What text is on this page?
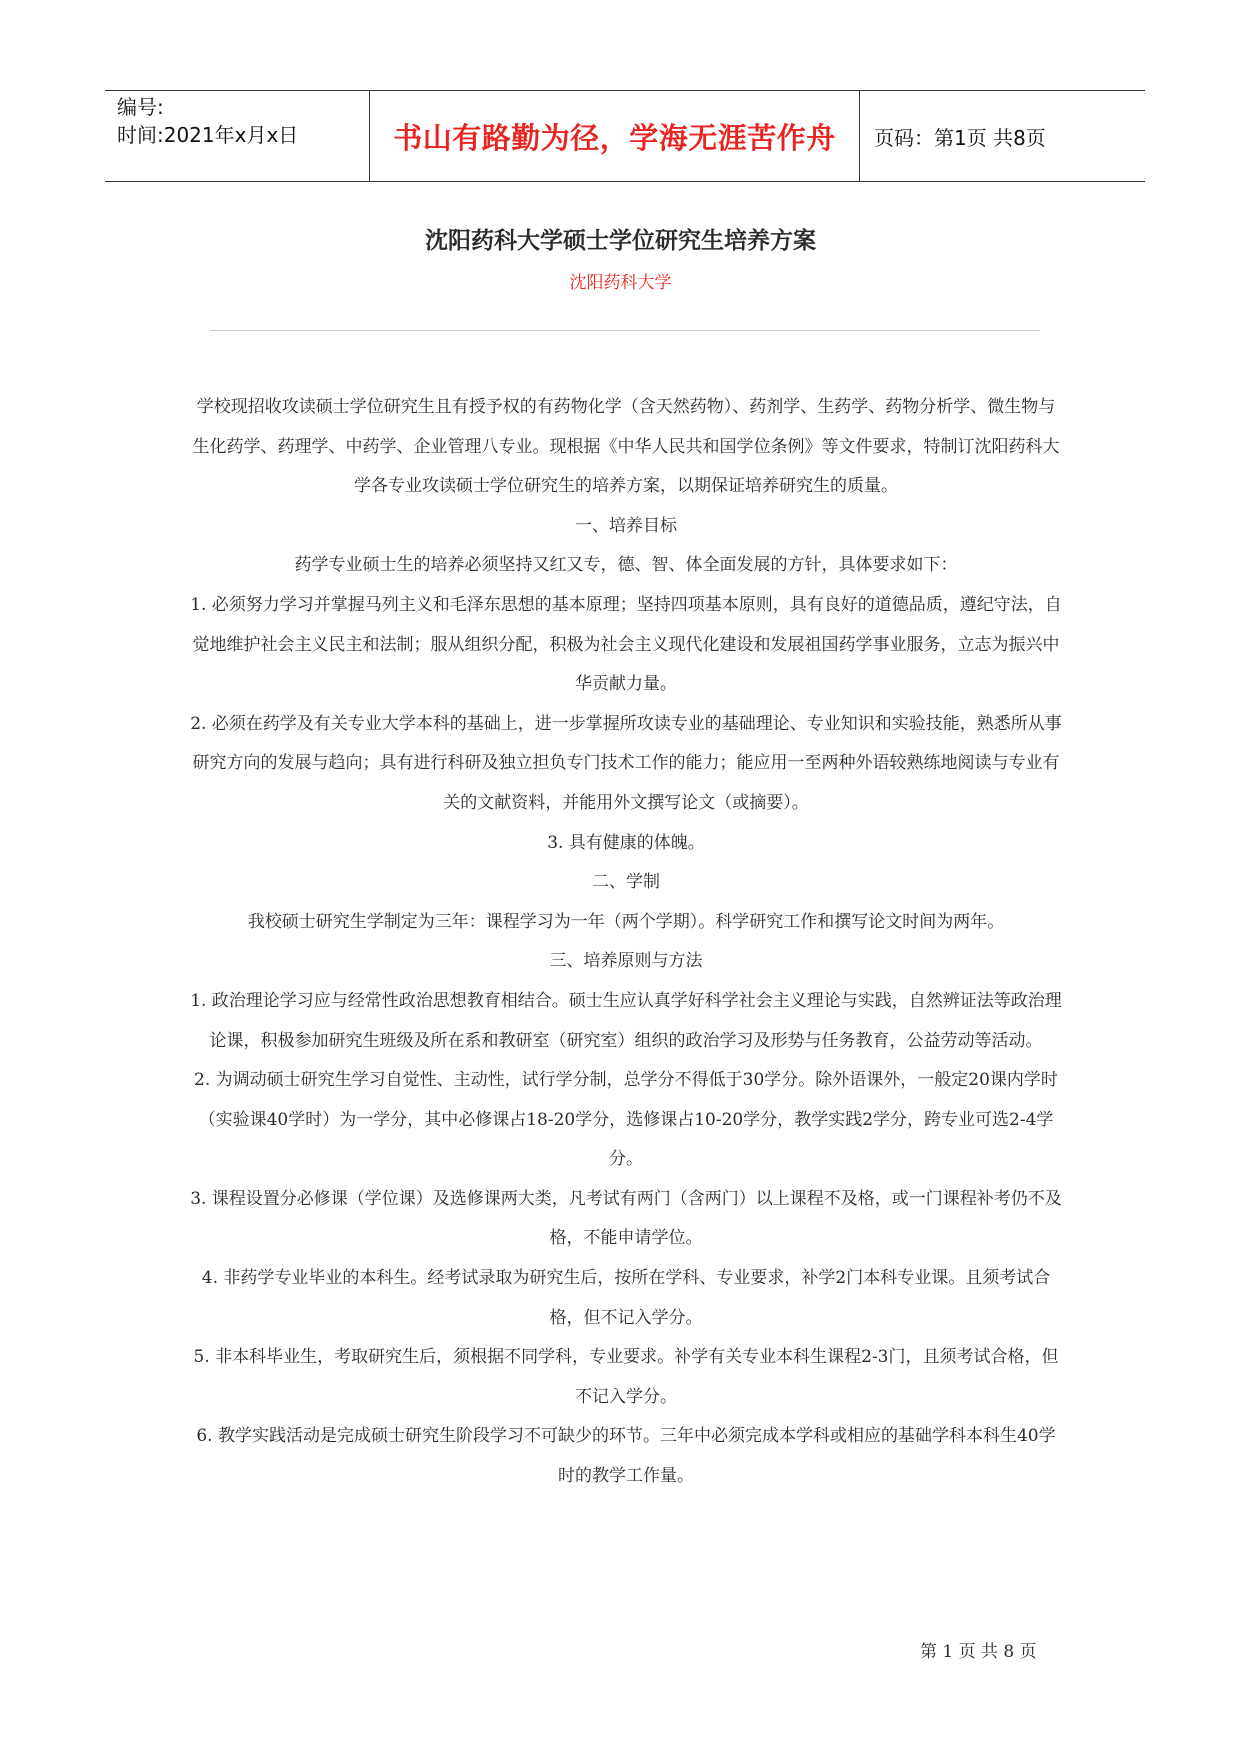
编号:
时间:2021年x月x日	书山有路勤为径，学海无涯苦作舟 页码：第1页 共8页
沈阳药科大学硕士学位研究生培养方案
沈阳药科大学

学校现招收攻读硕士学位研究生且有授予权的有药物化学（含天然药物）、药剂学、生药学、药物分析学、微生物与生化药学、药理学、中药学、企业管理八专业。现根据《中华人民共和国学位条例》等文件要求，特制订沈阳药科大学各专业攻读硕士学位研究生的培养方案，以期保证培养研究生的质量。

一、培养目标

药学专业硕士生的培养必须坚持又红又专，德、智、体全面发展的方针，具体要求如下：

1. 必须努力学习并掌握马列主义和毛泽东思想的基本原理；坚持四项基本原则，具有良好的道德品质，遵纪守法，自觉地维护社会主义民主和法制；服从组织分配，积极为社会主义现代化建设和发展祖国药学事业服务，立志为振兴中华贡献力量。

2. 必须在药学及有关专业大学本科的基础上，进一步掌握所攻读专业的基础理论、专业知识和实验技能，熟悉所从事研究方向的发展与趋向；具有进行科研及独立担负专门技术工作的能力；能应用一至两种外语较熟练地阅读与专业有关的文献资料，并能用外文撰写论文（或摘要）。

3. 具有健康的体魄。

二、学制

我校硕士研究生学制定为三年：课程学习为一年（两个学期）。科学研究工作和撰写论文时间为两年。

三、培养原则与方法

1. 政治理论学习应与经常性政治思想教育相结合。硕士生应认真学好科学社会主义理论与实践，自然辨证法等政治理论课，积极参加研究生班级及所在系和教研室（研究室）组织的政治学习及形势与任务教育，公益劳动等活动。

2. 为调动硕士研究生学习自觉性、主动性，试行学分制，总学分不得低于30学分。除外语课外，一般定20课内学时（实验课40学时）为一学分，其中必修课占18-20学分，选修课占10-20学分，教学实践2学分，跨专业可选2-4学分。

3. 课程设置分必修课（学位课）及选修课两大类，凡考试有两门（含两门）以上课程不及格，或一门课程补考仍不及格，不能申请学位。

4. 非药学专业毕业的本科生。经考试录取为研究生后，按所在学科、专业要求，补学2门本科专业课。且须考试合格，但不记入学分。

5. 非本科毕业生，考取研究生后，须根据不同学科，专业要求。补学有关专业本科生课程2-3门，且须考试合格，但不记入学分。

6. 教学实践活动是完成硕士研究生阶段学习不可缺少的环节。三年中必须完成本学科或相应的基础学科本科生40学时的教学工作量。

第 1 页 共 8 页
